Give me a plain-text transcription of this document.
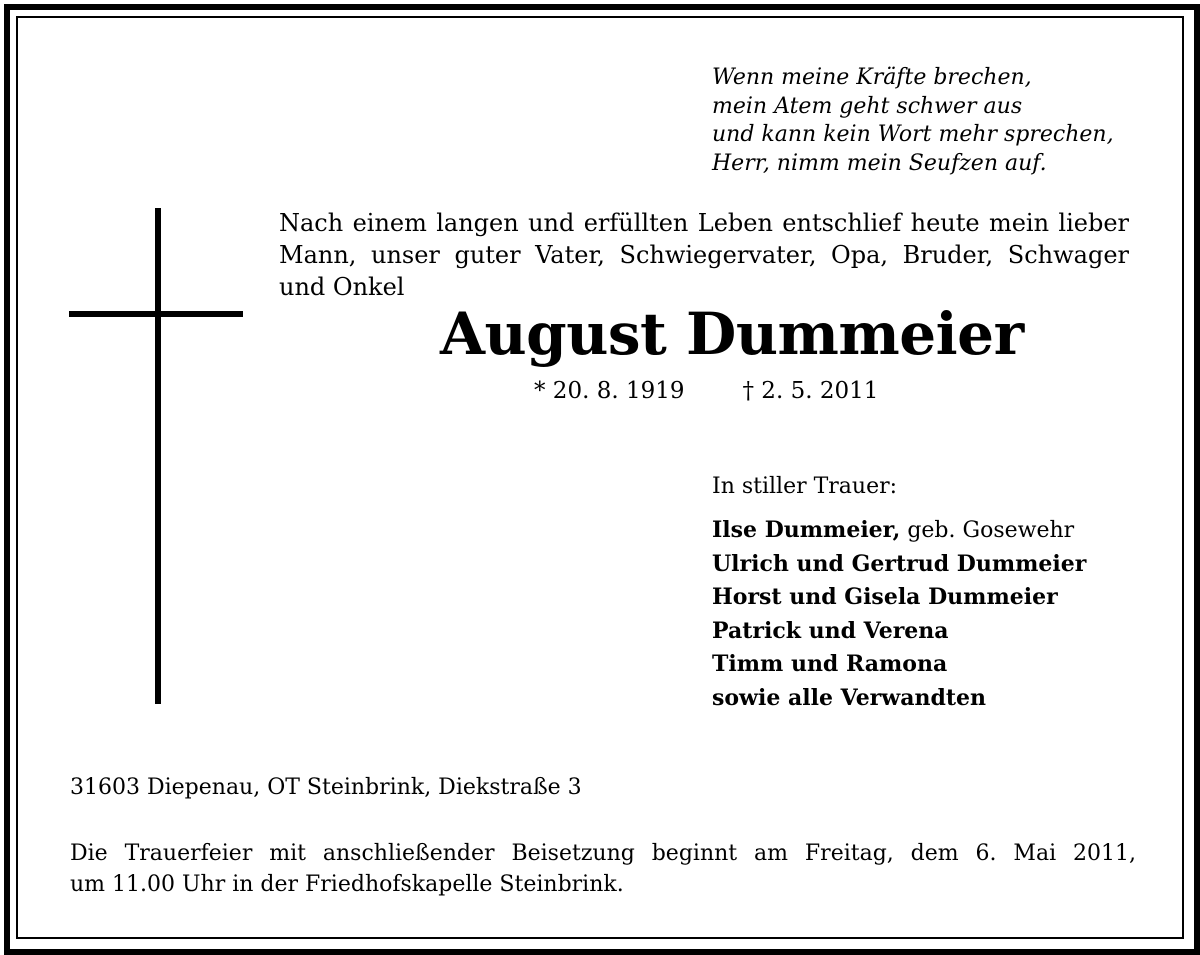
Wenn meine Kräfte brechen,
mein Atem geht schwer aus
und kann kein Wort mehr sprechen,
Herr, nimm mein Seufzen auf.
Nach einem langen und erfüllten Leben entschlief heute mein lieber Mann, unser guter Vater, Schwiegervater, Opa, Bruder, Schwager und Onkel
August Dummeier
* 20. 8. 1919	† 2. 5. 2011
In stiller Trauer:
Ilse Dummeier, geb. Gosewehr
Ulrich und Gertrud Dummeier
Horst und Gisela Dummeier
Patrick und Verena
Timm und Ramona
sowie alle Verwandten
31603 Diepenau, OT Steinbrink, Diekstraße 3
Die Trauerfeier mit anschließender Beisetzung beginnt am Freitag, dem 6. Mai 2011,
um 11.00 Uhr in der Friedhofskapelle Steinbrink.
